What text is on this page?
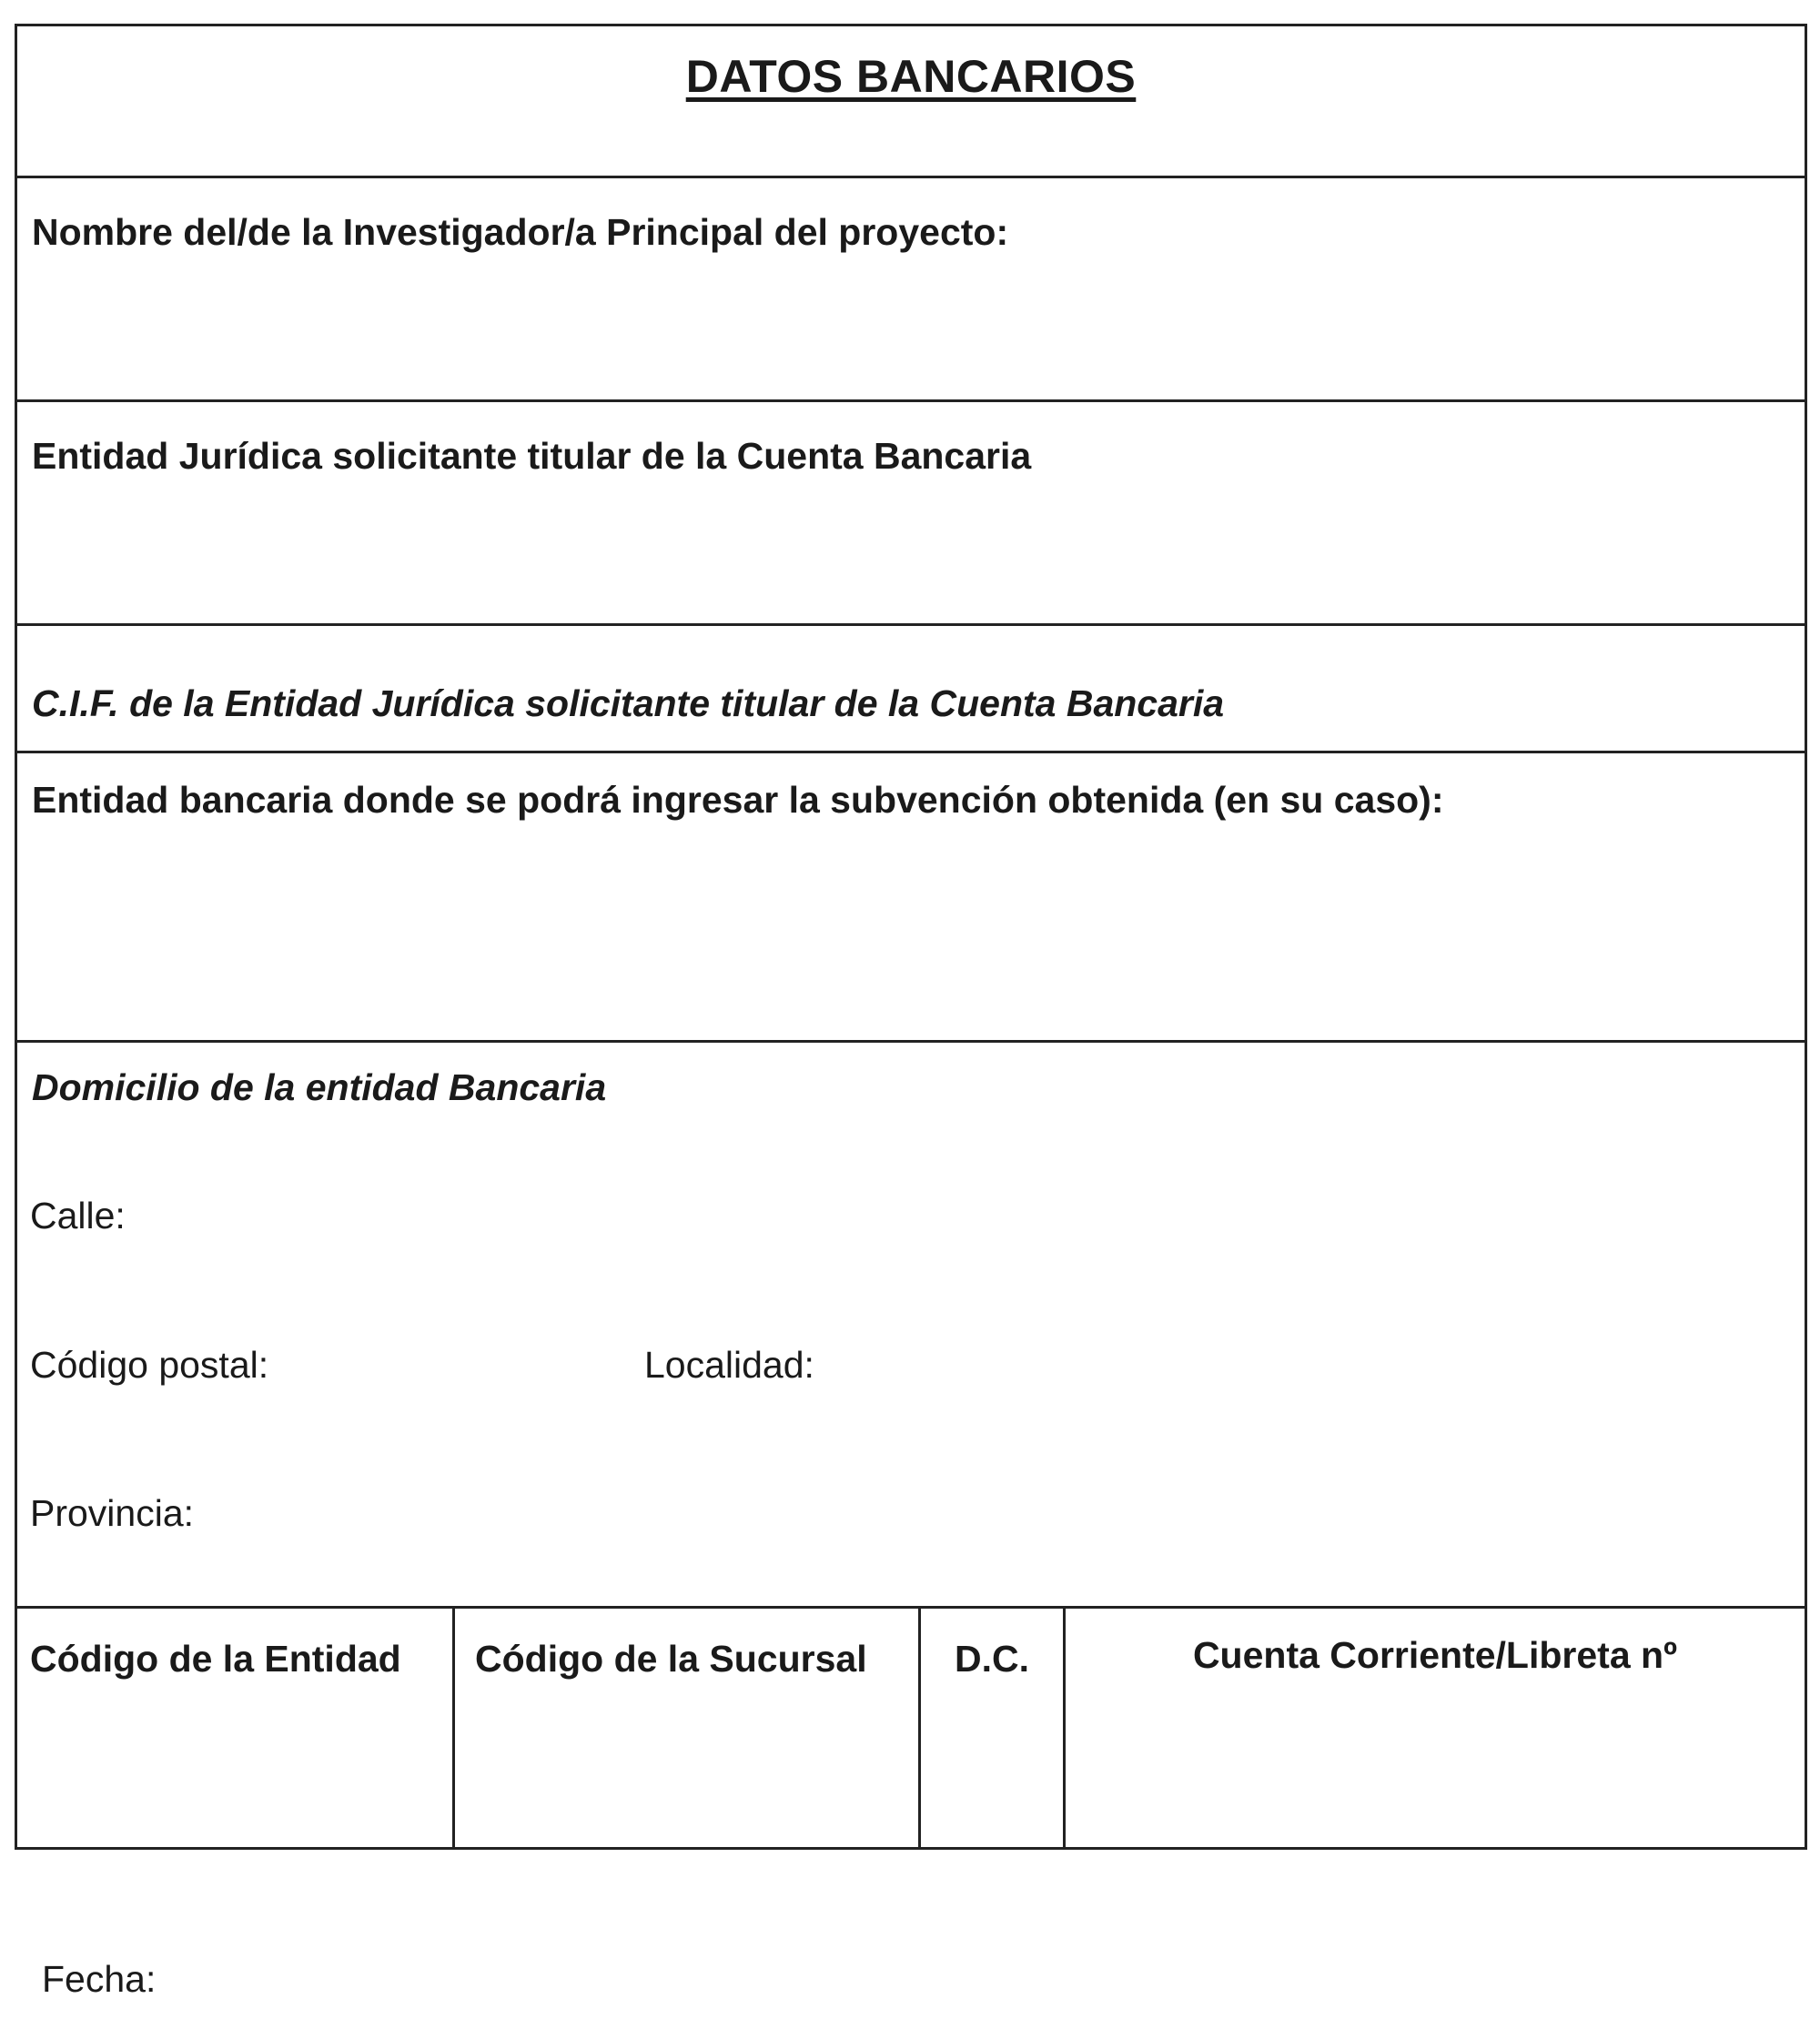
DATOS BANCARIOS
Nombre del/de la Investigador/a Principal del proyecto:
Entidad Jurídica solicitante titular de la Cuenta Bancaria
C.I.F. de la Entidad Jurídica solicitante titular de la Cuenta Bancaria
Entidad bancaria donde se podrá ingresar la subvención obtenida (en su caso):
Domicilio de la entidad Bancaria
Calle:
Código postal:	Localidad:
Provincia:
Código de la Entidad	Código de la Sucursal	D.C.	Cuenta Corriente/Libreta nº
Fecha:
